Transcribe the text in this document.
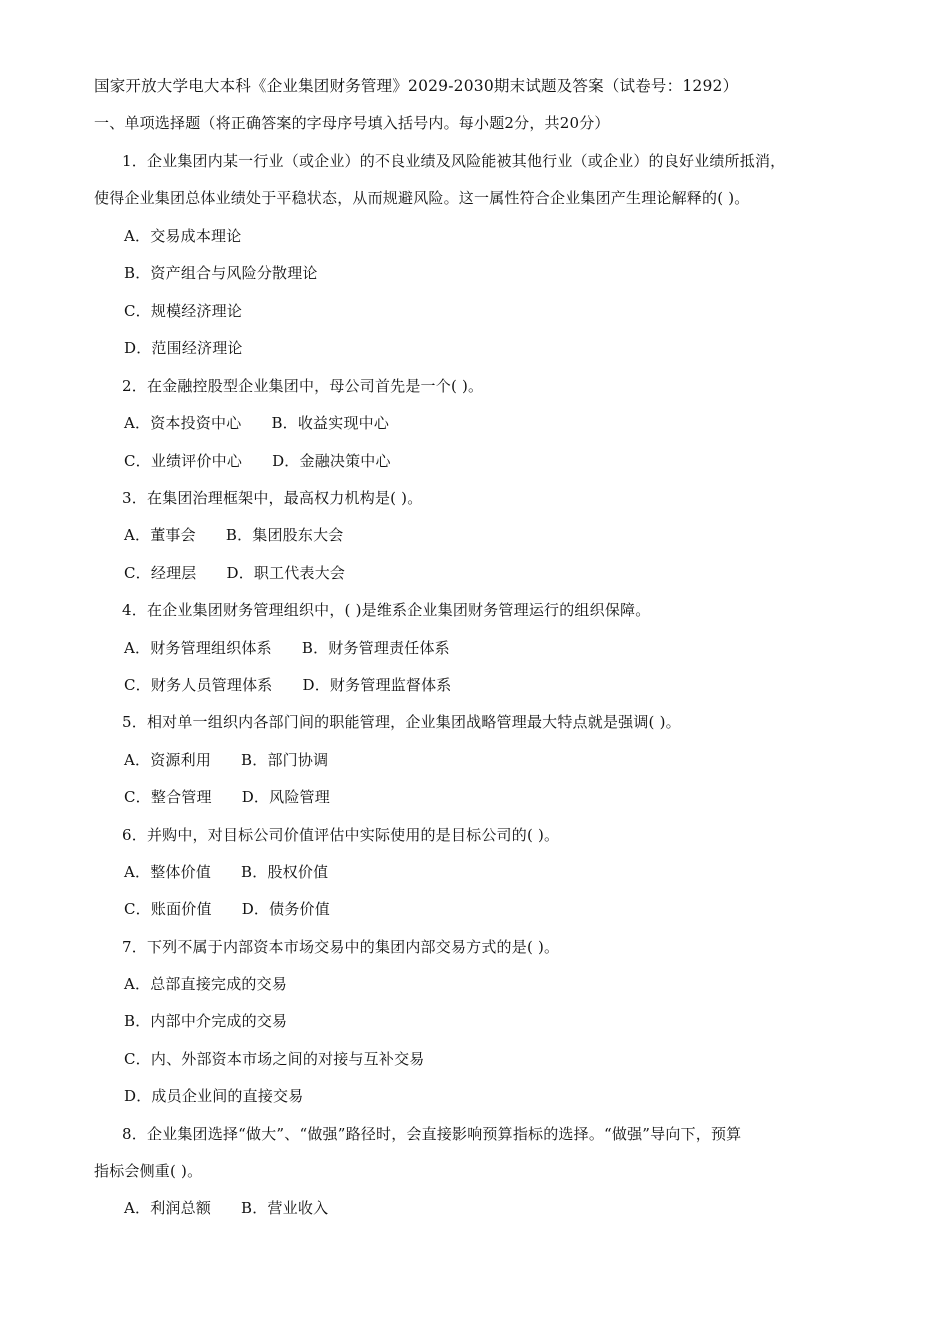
国家开放大学电大本科《企业集团财务管理》2029-2030期末试题及答案（试卷号：1292）
一、单项选择题（将正确答案的字母序号填入括号内。每小题2分，共20分）
1．企业集团内某一行业（或企业）的不良业绩及风险能被其他行业（或企业）的良好业绩所抵消，
使得企业集团总体业绩处于平稳状态，从而规避风险。这一属性符合企业集团产生理论解释的( )。
A．交易成本理论
B．资产组合与风险分散理论
C．规模经济理论
D．范围经济理论
2．在金融控股型企业集团中，母公司首先是一个( )。
A．资本投资中心 B．收益实现中心
C．业绩评价中心 D．金融决策中心
3．在集团治理框架中，最高权力机构是( )。
A．董事会 B．集团股东大会
C．经理层 D．职工代表大会
4．在企业集团财务管理组织中，( )是维系企业集团财务管理运行的组织保障。
A．财务管理组织体系 B．财务管理责任体系
C．财务人员管理体系 D．财务管理监督体系
5．相对单一组织内各部门间的职能管理，企业集团战略管理最大特点就是强调( )。
A．资源利用 B．部门协调
C．整合管理 D．风险管理
6．并购中，对目标公司价值评估中实际使用的是目标公司的( )。
A．整体价值 B．股权价值
C．账面价值 D．债务价值
7．下列不属于内部资本市场交易中的集团内部交易方式的是( )。
A．总部直接完成的交易
B．内部中介完成的交易
C．内、外部资本市场之间的对接与互补交易
D．成员企业间的直接交易
8．企业集团选择“做大”、“做强”路径时，会直接影响预算指标的选择。“做强”导向下，预算
指标会侧重( )。
A．利润总额 B．营业收入
